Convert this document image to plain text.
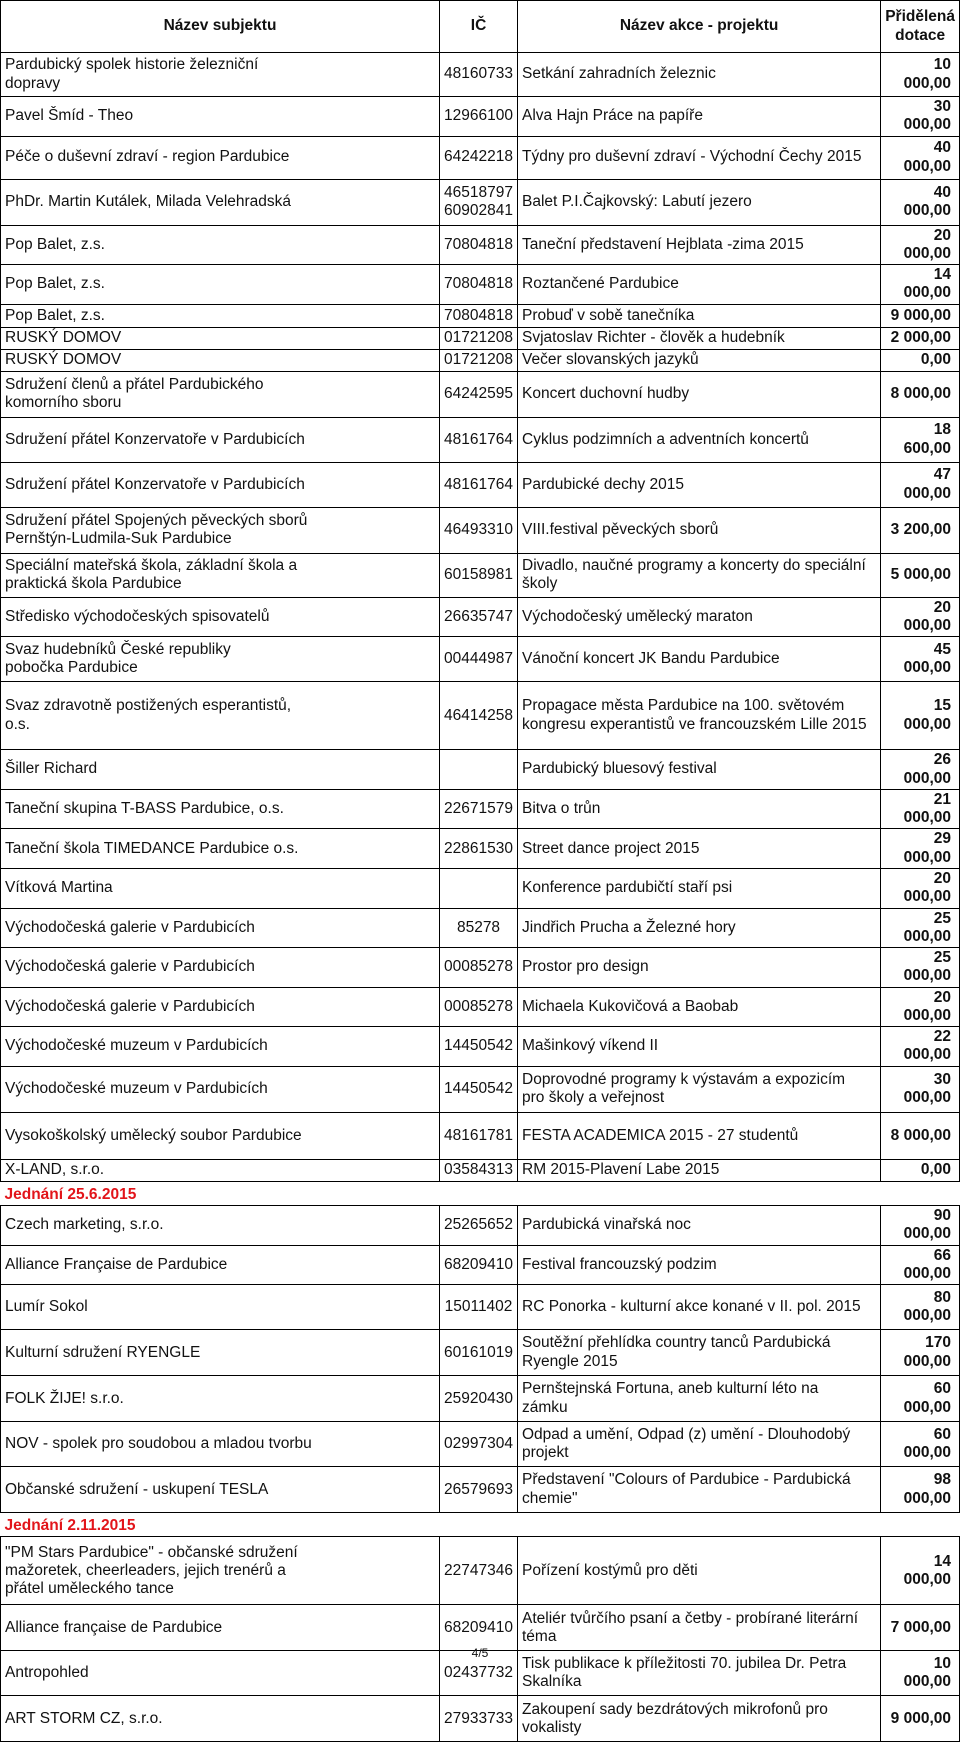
Název subjektu	IČ	Název akce - projektu	Přidělená
dotace

Pardubický spolek historie železniční
dopravy	48160733	Setkání zahradních železnic	10 000,00

Pavel Šmíd - Theo	12966100	Alva Hajn Práce na papíře	30 000,00

Péče o duševní zdraví - region Pardubice	64242218	Týdny pro duševní zdraví - Východní Čechy 2015	40 000,00

PhDr. Martin Kutálek, Milada Velehradská	46518797
60902841	Balet P.I.Čajkovský: Labutí jezero	40 000,00

Pop Balet, z.s.	70804818	Taneční představení Hejblata -zima 2015	20 000,00

Pop Balet, z.s.	70804818	Roztančené Pardubice	14 000,00

Pop Balet, z.s.	70804818	Probuď v sobě tanečníka	9 000,00

RUSKÝ DOMOV	01721208	Svjatoslav Richter - člověk a hudebník	2 000,00

RUSKÝ DOMOV	01721208	Večer slovanských jazyků	0,00

Sdružení členů a přátel Pardubického
komorního sboru	64242595	Koncert duchovní hudby	8 000,00

Sdružení přátel Konzervatoře v Pardubicích	48161764	Cyklus podzimních a adventních koncertů	18 600,00

Sdružení přátel Konzervatoře v Pardubicích	48161764	Pardubické dechy 2015	47 000,00

Sdružení přátel Spojených pěveckých sborů
Pernštýn-Ludmila-Suk Pardubice	46493310	VIII.festival pěveckých sborů	3 200,00

Speciální mateřská škola, základní škola a
praktická škola Pardubice	60158981	Divadlo, naučné programy a koncerty do speciální
školy	5 000,00

Středisko východočeských spisovatelů	26635747	Východočeský umělecký maraton	20 000,00

Svaz hudebníků České republiky
pobočka Pardubice	00444987	Vánoční koncert JK Bandu Pardubice	45 000,00

Svaz zdravotně postižených esperantistů,
o.s.	46414258	Propagace města Pardubice na 100. světovém
kongresu experantistů ve francouzském Lille 2015	15 000,00

Šiller Richard		Pardubický bluesový festival	26 000,00

Taneční skupina T-BASS Pardubice, o.s.	22671579	Bitva o trůn	21 000,00

Taneční škola TIMEDANCE Pardubice o.s.	22861530	Street dance project 2015	29 000,00

Vítková Martina		Konference pardubičtí staří psi	20 000,00

Východočeská galerie v Pardubicích	85278	Jindřich Prucha a Železné hory	25 000,00

Východočeská galerie v Pardubicích	00085278	Prostor pro design	25 000,00

Východočeská galerie v Pardubicích	00085278	Michaela Kukovičová a Baobab	20 000,00

Východočeské muzeum v Pardubicích	14450542	Mašinkový víkend II	22 000,00

Východočeské muzeum v Pardubicích	14450542	Doprovodné programy k výstavám a expozicím
pro školy a veřejnost	30 000,00

Vysokoškolský umělecký soubor Pardubice	48161781	FESTA ACADEMICA 2015 - 27 studentů	8 000,00

X-LAND, s.r.o.	03584313	RM 2015-Plavení Labe 2015	0,00
Jednání 25.6.2015			

Czech marketing, s.r.o.	25265652	Pardubická vinařská noc	90 000,00

Alliance Française de Pardubice	68209410	Festival francouzský podzim	66 000,00

Lumír Sokol	15011402	RC Ponorka - kulturní akce konané v II. pol. 2015	80 000,00

Kulturní sdružení RYENGLE	60161019	Soutěžní přehlídka country tanců Pardubická
Ryengle 2015	170 000,00

FOLK ŽIJE! s.r.o.	25920430	Pernštejnská Fortuna, aneb kulturní léto na
zámku	60 000,00

NOV - spolek pro soudobou a mladou tvorbu	02997304	Odpad a umění, Odpad (z) umění - Dlouhodobý
projekt	60 000,00

Občanské sdružení - uskupení TESLA	26579693	Představení "Colours of Pardubice - Pardubická
chemie"	98 000,00
Jednání 2.11.2015			

"PM Stars Pardubice" - občanské sdružení
mažoretek, cheerleaders, jejich trenérů a
přátel uměleckého tance	22747346	Pořízení kostýmů pro děti	14 000,00

Alliance française de Pardubice	68209410	Ateliér tvůrčího psaní a četby - probírané literární
téma	7 000,00

Antropohled	02437732	Tisk publikace k příležitosti 70. jubilea Dr. Petra
Skalníka	10 000,00

ART STORM CZ, s.r.o.	27933733	Zakoupení sady bezdrátových mikrofonů pro
vokalisty	9 000,00
4/5
